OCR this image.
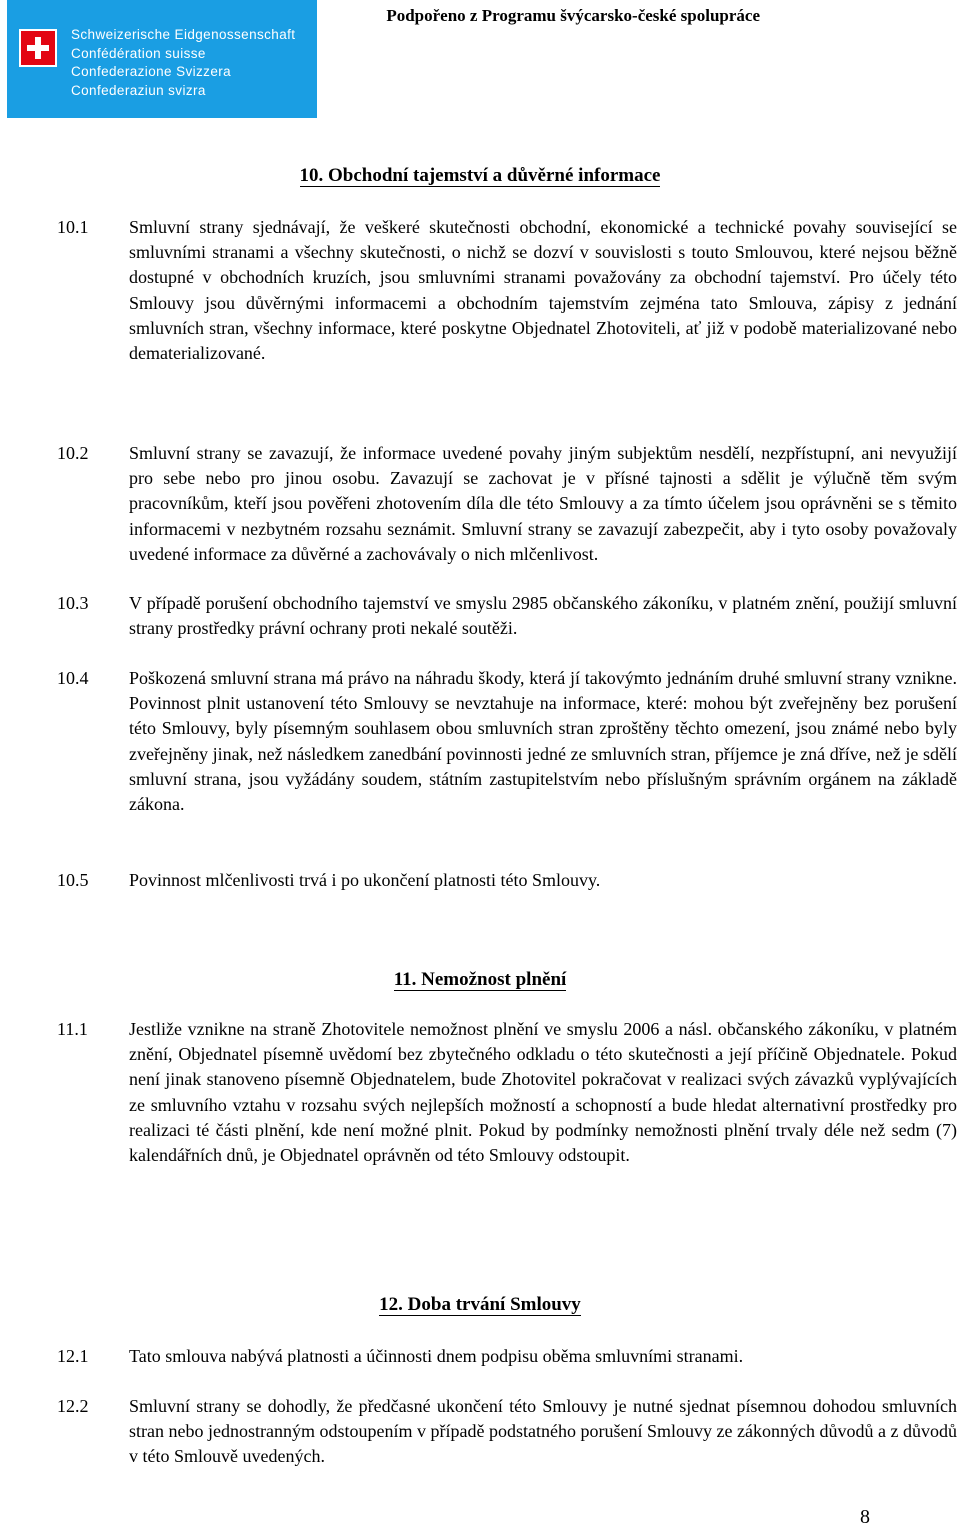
Schweizerische Eidgenossenschaft
Confédération suisse
Confederazione Svizzera
Confederaziun svizra
Podpořeno z Programu švýcarsko-české spolupráce
10. Obchodní tajemství a důvěrné informace
10.1 Smluvní strany sjednávají, že veškeré skutečnosti obchodní, ekonomické a technické povahy související se smluvními stranami a všechny skutečnosti, o nichž se dozví v souvislosti s touto Smlouvou, které nejsou běžně dostupné v obchodních kruzích, jsou smluvními stranami považovány za obchodní tajemství. Pro účely této Smlouvy jsou důvěrnými informacemi a obchodním tajemstvím zejména tato Smlouva, zápisy z jednání smluvních stran, všechny informace, které poskytne Objednatel Zhotoviteli, ať již v podobě materializované nebo dematerializované.
10.2 Smluvní strany se zavazují, že informace uvedené povahy jiným subjektům nesdělí, nezpřístupní, ani nevyužijí pro sebe nebo pro jinou osobu. Zavazují se zachovat je v přísné tajnosti a sdělit je výlučně těm svým pracovníkům, kteří jsou pověřeni zhotovením díla dle této Smlouvy a za tímto účelem jsou oprávněni se s těmito informacemi v nezbytném rozsahu seznámit. Smluvní strany se zavazují zabezpečit, aby i tyto osoby považovaly uvedené informace za důvěrné a zachovávaly o nich mlčenlivost.
10.3 V případě porušení obchodního tajemství ve smyslu 2985 občanského zákoníku, v platném znění, použijí smluvní strany prostředky právní ochrany proti nekalé soutěži.
10.4 Poškozená smluvní strana má právo na náhradu škody, která jí takovýmto jednáním druhé smluvní strany vznikne. Povinnost plnit ustanovení této Smlouvy se nevztahuje na informace, které: mohou být zveřejněny bez porušení této Smlouvy, byly písemným souhlasem obou smluvních stran zproštěny těchto omezení, jsou známé nebo byly zveřejněny jinak, než následkem zanedbání povinnosti jedné ze smluvních stran, příjemce je zná dříve, než je sdělí smluvní strana, jsou vyžádány soudem, státním zastupitelstvím nebo příslušným správním orgánem na základě zákona.
10.5 Povinnost mlčenlivosti trvá i po ukončení platnosti této Smlouvy.
11. Nemožnost plnění
11.1 Jestliže vznikne na straně Zhotovitele nemožnost plnění ve smyslu 2006 a násl. občanského zákoníku, v platném znění, Objednatel písemně uvědomí bez zbytečného odkladu o této skutečnosti a její příčině Objednatele. Pokud není jinak stanoveno písemně Objednatelem, bude Zhotovitel pokračovat v realizaci svých závazků vyplývajících ze smluvního vztahu v rozsahu svých nejlepších možností a schopností a bude hledat alternativní prostředky pro realizaci té části plnění, kde není možné plnit. Pokud by podmínky nemožnosti plnění trvaly déle než sedm (7) kalendářních dnů, je Objednatel oprávněn od této Smlouvy odstoupit.
12. Doba trvání Smlouvy
12.1 Tato smlouva nabývá platnosti a účinnosti dnem podpisu oběma smluvními stranami.
12.2 Smluvní strany se dohodly, že předčasné ukončení této Smlouvy je nutné sjednat písemnou dohodou smluvních stran nebo jednostranným odstoupením v případě podstatného porušení Smlouvy ze zákonných důvodů a z důvodů v této Smlouvě uvedených.
8
